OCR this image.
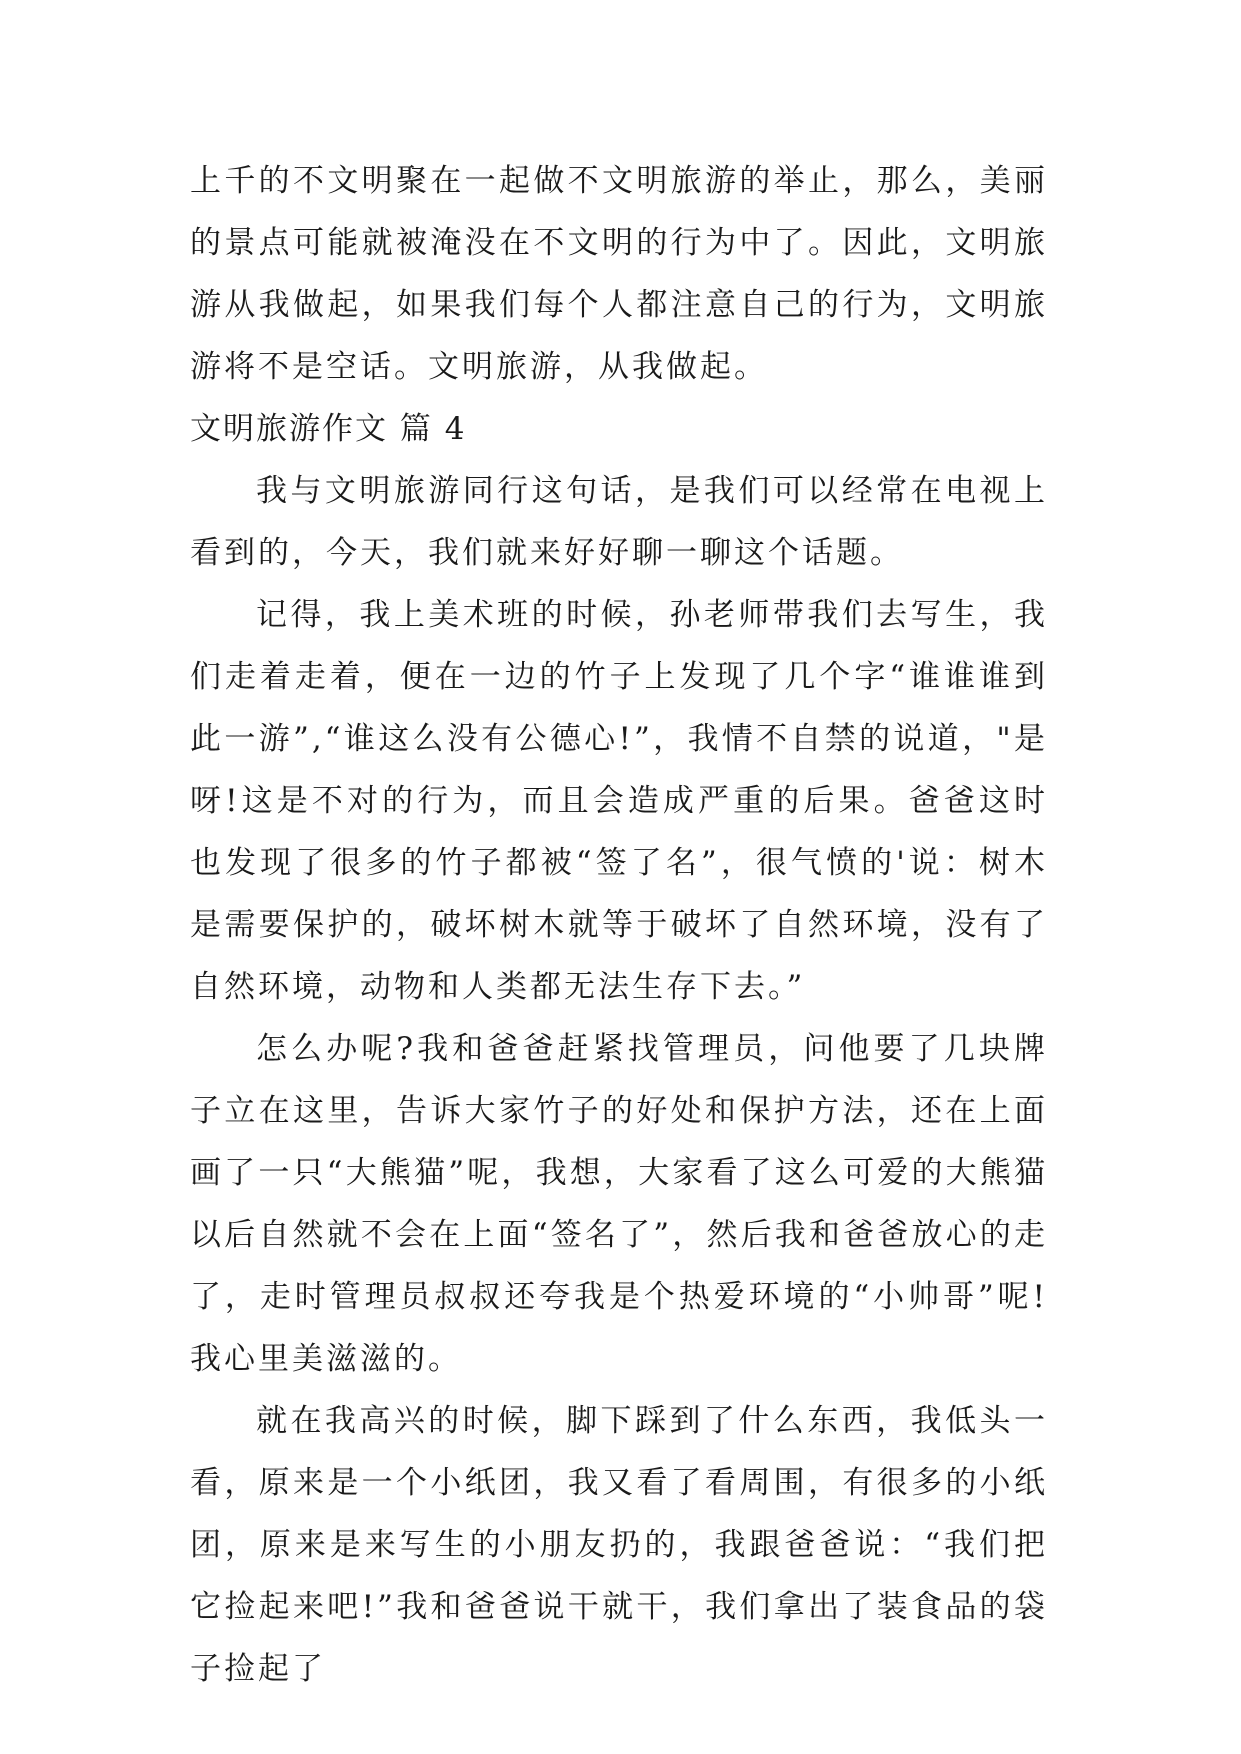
上千的不文明聚在一起做不文明旅游的举止，那么，美丽的景点可能就被淹没在不文明的行为中了。因此，文明旅游从我做起，如果我们每个人都注意自己的行为，文明旅游将不是空话。文明旅游，从我做起。

文明旅游作文 篇 4

我与文明旅游同行这句话，是我们可以经常在电视上看到的，今天，我们就来好好聊一聊这个话题。

记得，我上美术班的时候，孙老师带我们去写生，我们走着走着，便在一边的竹子上发现了几个字“谁谁谁到此一游”,“谁这么没有公德心!”，我情不自禁的说道，"是呀!这是不对的行为，而且会造成严重的后果。爸爸这时也发现了很多的竹子都被“签了名”，很气愤的'说：树木是需要保护的，破坏树木就等于破坏了自然环境，没有了自然环境，动物和人类都无法生存下去。”

怎么办呢?我和爸爸赶紧找管理员，问他要了几块牌子立在这里，告诉大家竹子的好处和保护方法，还在上面画了一只“大熊猫”呢，我想，大家看了这么可爱的大熊猫以后自然就不会在上面“签名了”，然后我和爸爸放心的走了，走时管理员叔叔还夸我是个热爱环境的“小帅哥”呢!我心里美滋滋的。

就在我高兴的时候，脚下踩到了什么东西，我低头一看，原来是一个小纸团，我又看了看周围，有很多的小纸团，原来是来写生的小朋友扔的，我跟爸爸说：“我们把它捡起来吧!”我和爸爸说干就干，我们拿出了装食品的袋子捡起了
